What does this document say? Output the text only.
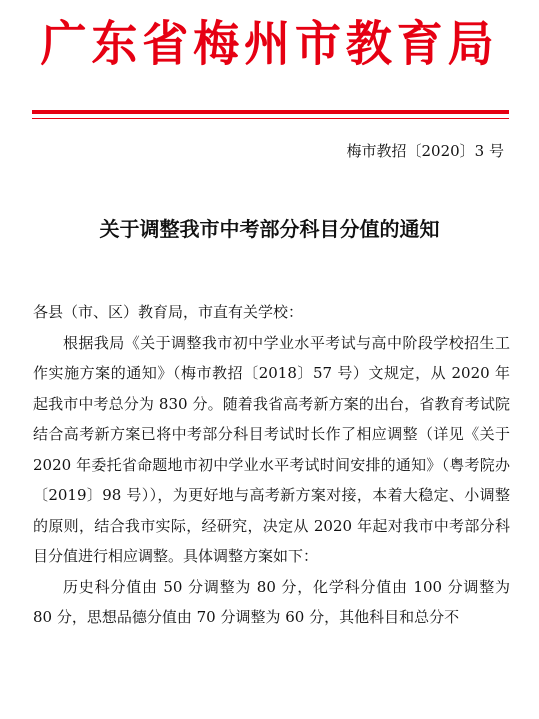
广东省梅州市教育局
梅市教招〔2020〕3 号
关于调整我市中考部分科目分值的通知

各县（市、区）教育局，市直有关学校：

根据我局《关于调整我市初中学业水平考试与高中阶段学校招生工作实施方案的通知》（梅市教招〔2018〕57 号）文规定，从 2020 年起我市中考总分为 830 分。随着我省高考新方案的出台，省教育考试院结合高考新方案已将中考部分科目考试时长作了相应调整（详见《关于 2020 年委托省命题地市初中学业水平考试时间安排的通知》（粤考院办〔2019〕98 号）），为更好地与高考新方案对接，本着大稳定、小调整的原则，结合我市实际，经研究，决定从 2020 年起对我市中考部分科目分值进行相应调整。具体调整方案如下：

历史科分值由 50 分调整为 80 分，化学科分值由 100 分调整为 80 分，思想品德分值由 70 分调整为 60 分，其他科目和总分不
